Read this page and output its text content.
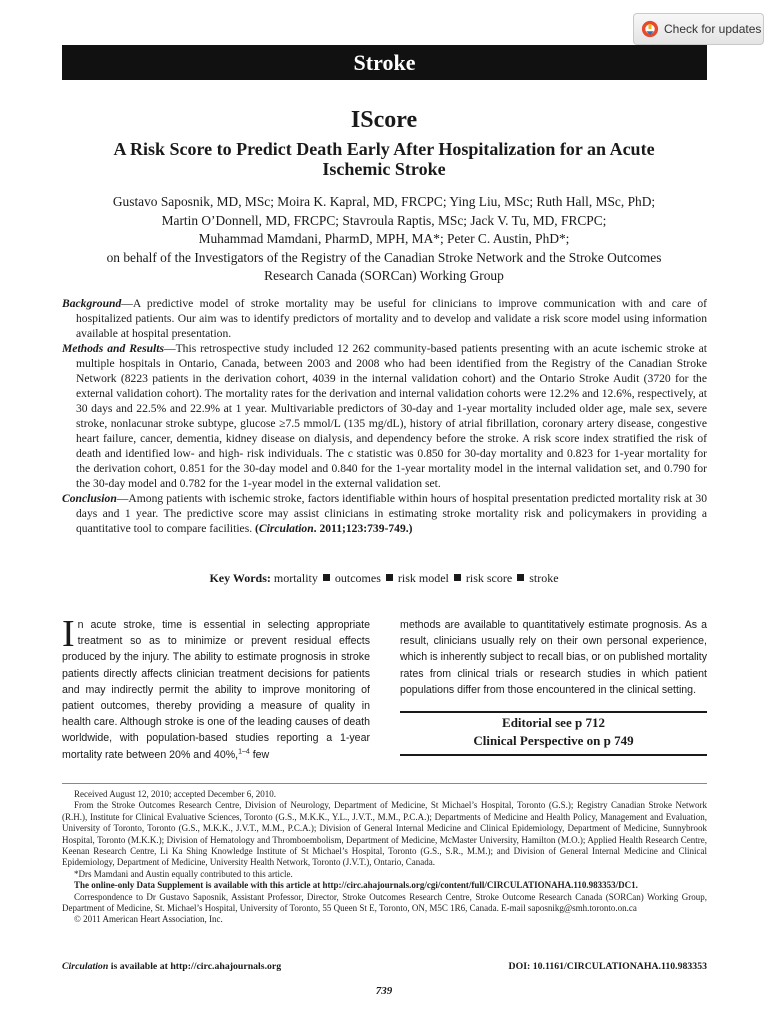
Check for updates
Stroke
IScore
A Risk Score to Predict Death Early After Hospitalization for an Acute
Ischemic Stroke
Gustavo Saposnik, MD, MSc; Moira K. Kapral, MD, FRCPC; Ying Liu, MSc; Ruth Hall, MSc, PhD;
Martin O’Donnell, MD, FRCPC; Stavroula Raptis, MSc; Jack V. Tu, MD, FRCPC;
Muhammad Mamdani, PharmD, MPH, MA*; Peter C. Austin, PhD*;
on behalf of the Investigators of the Registry of the Canadian Stroke Network and the Stroke Outcomes
Research Canada (SORCan) Working Group
Background—A predictive model of stroke mortality may be useful for clinicians to improve communication with and care of hospitalized patients. Our aim was to identify predictors of mortality and to develop and validate a risk score model using information available at hospital presentation.
Methods and Results—This retrospective study included 12 262 community-based patients presenting with an acute ischemic stroke at multiple hospitals in Ontario, Canada, between 2003 and 2008 who had been identified from the Registry of the Canadian Stroke Network (8223 patients in the derivation cohort, 4039 in the internal validation cohort) and the Ontario Stroke Audit (3720 for the external validation cohort). The mortality rates for the derivation and internal validation cohorts were 12.2% and 12.6%, respectively, at 30 days and 22.5% and 22.9% at 1 year. Multivariable predictors of 30-day and 1-year mortality included older age, male sex, severe stroke, nonlacunar stroke subtype, glucose ≥7.5 mmol/L (135 mg/dL), history of atrial fibrillation, coronary artery disease, congestive heart failure, cancer, dementia, kidney disease on dialysis, and dependency before the stroke. A risk score index stratified the risk of death and identified low- and high- risk individuals. The c statistic was 0.850 for 30-day mortality and 0.823 for 1-year mortality for the derivation cohort, 0.851 for the 30-day model and 0.840 for the 1-year mortality model in the internal validation set, and 0.790 for the 30-day model and 0.782 for the 1-year model in the external validation set.
Conclusion—Among patients with ischemic stroke, factors identifiable within hours of hospital presentation predicted mortality risk at 30 days and 1 year. The predictive score may assist clinicians in estimating stroke mortality risk and policymakers in providing a quantitative tool to compare facilities. (Circulation. 2011;123:739-749.)
Key Words: mortality outcomes risk model risk score stroke
In acute stroke, time is essential in selecting appropriate treatment so as to minimize or prevent residual effects produced by the injury. The ability to estimate prognosis in stroke patients directly affects clinician treatment decisions for patients and may indirectly permit the ability to improve monitoring of patient outcomes, thereby providing a measure of quality in health care. Although stroke is one of the leading causes of death worldwide, with population-based studies reporting a 1-year mortality rate between 20% and 40%,$^{1-4}$ few
methods are available to quantitatively estimate prognosis. As a result, clinicians usually rely on their own personal experience, which is inherently subject to recall bias, or on published mortality rates from clinical trials or research studies in which patient populations differ from those encountered in the clinical setting.
Editorial see p 712
Clinical Perspective on p 749

Received August 12, 2010; accepted December 6, 2010.

From the Stroke Outcomes Research Centre, Division of Neurology, Department of Medicine, St Michael’s Hospital, Toronto (G.S.); Registry Canadian Stroke Network (R.H.), Institute for Clinical Evaluative Sciences, Toronto (G.S., M.K.K., Y.L., J.V.T., M.M., P.C.A.); Departments of Medicine and Health Policy, Management and Evaluation, University of Toronto, Toronto (G.S., M.K.K., J.V.T., M.M., P.C.A.); Division of General Internal Medicine and Clinical Epidemiology, Department of Medicine, Sunnybrook Hospital, Toronto (M.K.K.); Division of Hematology and Thromboembolism, Department of Medicine, McMaster University, Hamilton (M.O.); Applied Health Research Centre, Keenan Research Centre, Li Ka Shing Knowledge Institute of St Michael’s Hospital, Toronto (G.S., S.R., M.M.); and Division of General Internal Medicine and Clinical Epidemiology, Department of Medicine, University Health Network, Toronto (J.V.T.), Ontario, Canada.

*Drs Mamdani and Austin equally contributed to this article.

The online-only Data Supplement is available with this article at http://circ.ahajournals.org/cgi/content/full/CIRCULATIONAHA.110.983353/DC1.

Correspondence to Dr Gustavo Saposnik, Assistant Professor, Director, Stroke Outcomes Research Centre, Stroke Outcome Research Canada (SORCan) Working Group, Department of Medicine, St. Michael’s Hospital, University of Toronto, 55 Queen St E, Toronto, ON, M5C 1R6, Canada. E-mail saposnikg@smh.toronto.on.ca

© 2011 American Heart Association, Inc.

Circulation is available at http://circ.ahajournals.org	DOI: 10.1161/CIRCULATIONAHA.110.983353
739
